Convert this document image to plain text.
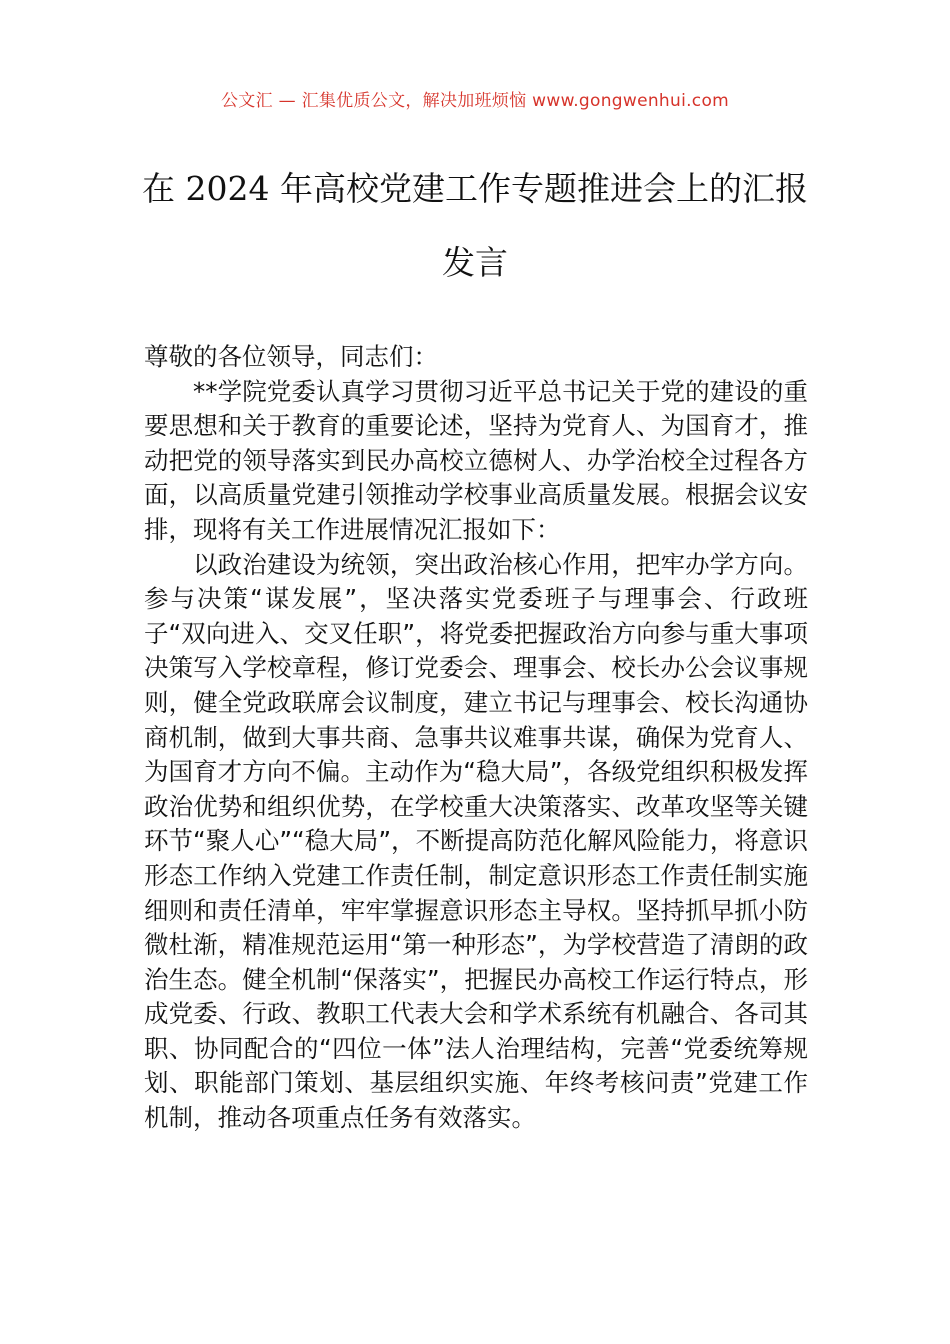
公文汇 — 汇集优质公文，解决加班烦恼 www.gongwenhui.com
在 2024 年高校党建工作专题推进会上的汇报发言

尊敬的各位领导，同志们：

**学院党委认真学习贯彻习近平总书记关于党的建设的重要思想和关于教育的重要论述，坚持为党育人、为国育才，推动把党的领导落实到民办高校立德树人、办学治校全过程各方面，以高质量党建引领推动学校事业高质量发展。根据会议安排，现将有关工作进展情况汇报如下：

以政治建设为统领，突出政治核心作用，把牢办学方向。参与决策“谋发展”，坚决落实党委班子与理事会、行政班子“双向进入、交叉任职”，将党委把握政治方向参与重大事项决策写入学校章程，修订党委会、理事会、校长办公会议事规则，健全党政联席会议制度，建立书记与理事会、校长沟通协商机制，做到大事共商、急事共议难事共谋，确保为党育人、为国育才方向不偏。主动作为“稳大局”，各级党组织积极发挥政治优势和组织优势，在学校重大决策落实、改革攻坚等关键环节“聚人心”“稳大局”，不断提高防范化解风险能力，将意识形态工作纳入党建工作责任制，制定意识形态工作责任制实施细则和责任清单，牢牢掌握意识形态主导权。坚持抓早抓小防微杜渐，精准规范运用“第一种形态”，为学校营造了清朗的政治生态。健全机制“保落实”，把握民办高校工作运行特点，形成党委、行政、教职工代表大会和学术系统有机融合、各司其职、协同配合的“四位一体”法人治理结构，完善“党委统筹规划、职能部门策划、基层组织实施、年终考核问责”党建工作机制，推动各项重点任务有效落实。
